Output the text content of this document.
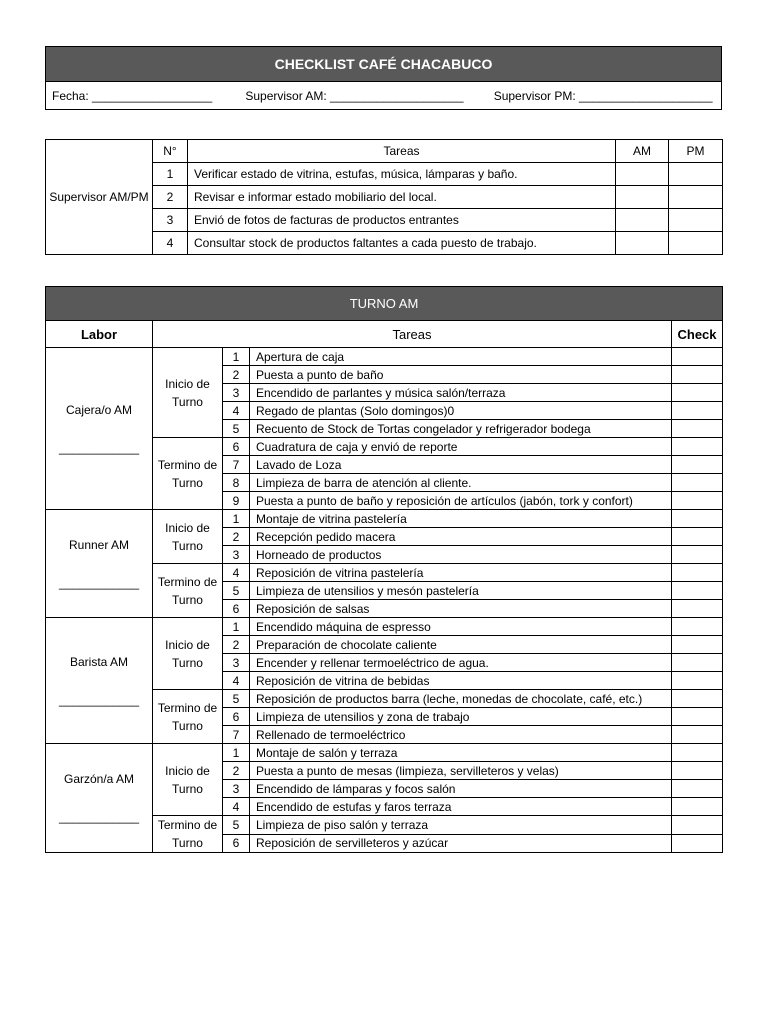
CHECKLIST CAFÉ CHACABUCO
Fecha: __________________	Supervisor AM: ____________________	Supervisor PM: ____________________
Supervisor AM/PM	N°	Tareas	AM	PM
	1	Verificar estado de vitrina, estufas, música, lámparas y baño.		
	2	Revisar e informar estado mobiliario del local.		
	3	Envió de fotos de facturas de productos entrantes		
	4	Consultar stock de productos faltantes a cada puesto de trabajo.		
TURNO AM				
Labor	Tareas			Check
Cajera/o AM
____________	Inicio de Turno	1	Apertura de caja	
		2	Puesta a punto de baño	
		3	Encendido de parlantes y música salón/terraza	
		4	Regado de plantas (Solo domingos)0	
		5	Recuento de Stock de Tortas congelador y refrigerador bodega	
	Termino de Turno	6	Cuadratura de caja y envió de reporte	
		7	Lavado de Loza	
		8	Limpieza de barra de atención al cliente.	
		9	Puesta a punto de baño y reposición de artículos (jabón, tork y confort)	
Runner AM
____________	Inicio de Turno	1	Montaje de vitrina pastelería	
		2	Recepción pedido macera	
		3	Horneado de productos	
	Termino de Turno	4	Reposición de vitrina pastelería	
		5	Limpieza de utensilios y mesón pastelería	
		6	Reposición de salsas	
Barista AM
____________	Inicio de Turno	1	Encendido máquina de espresso	
		2	Preparación de chocolate caliente	
		3	Encender y rellenar termoeléctrico de agua.	
		4	Reposición de vitrina de bebidas	
	Termino de Turno	5	Reposición de productos barra (leche, monedas de chocolate, café, etc.)	
		6	Limpieza de utensilios y zona de trabajo	
		7	Rellenado de termoeléctrico	
Garzón/a AM
____________	Inicio de Turno	1	Montaje de salón y terraza	
		2	Puesta a punto de mesas (limpieza, servilleteros y velas)	
		3	Encendido de lámparas y focos salón	
		4	Encendido de estufas y faros terraza	
	Termino de Turno	5	Limpieza de piso salón y terraza	
		6	Reposición de servilleteros y azúcar	
